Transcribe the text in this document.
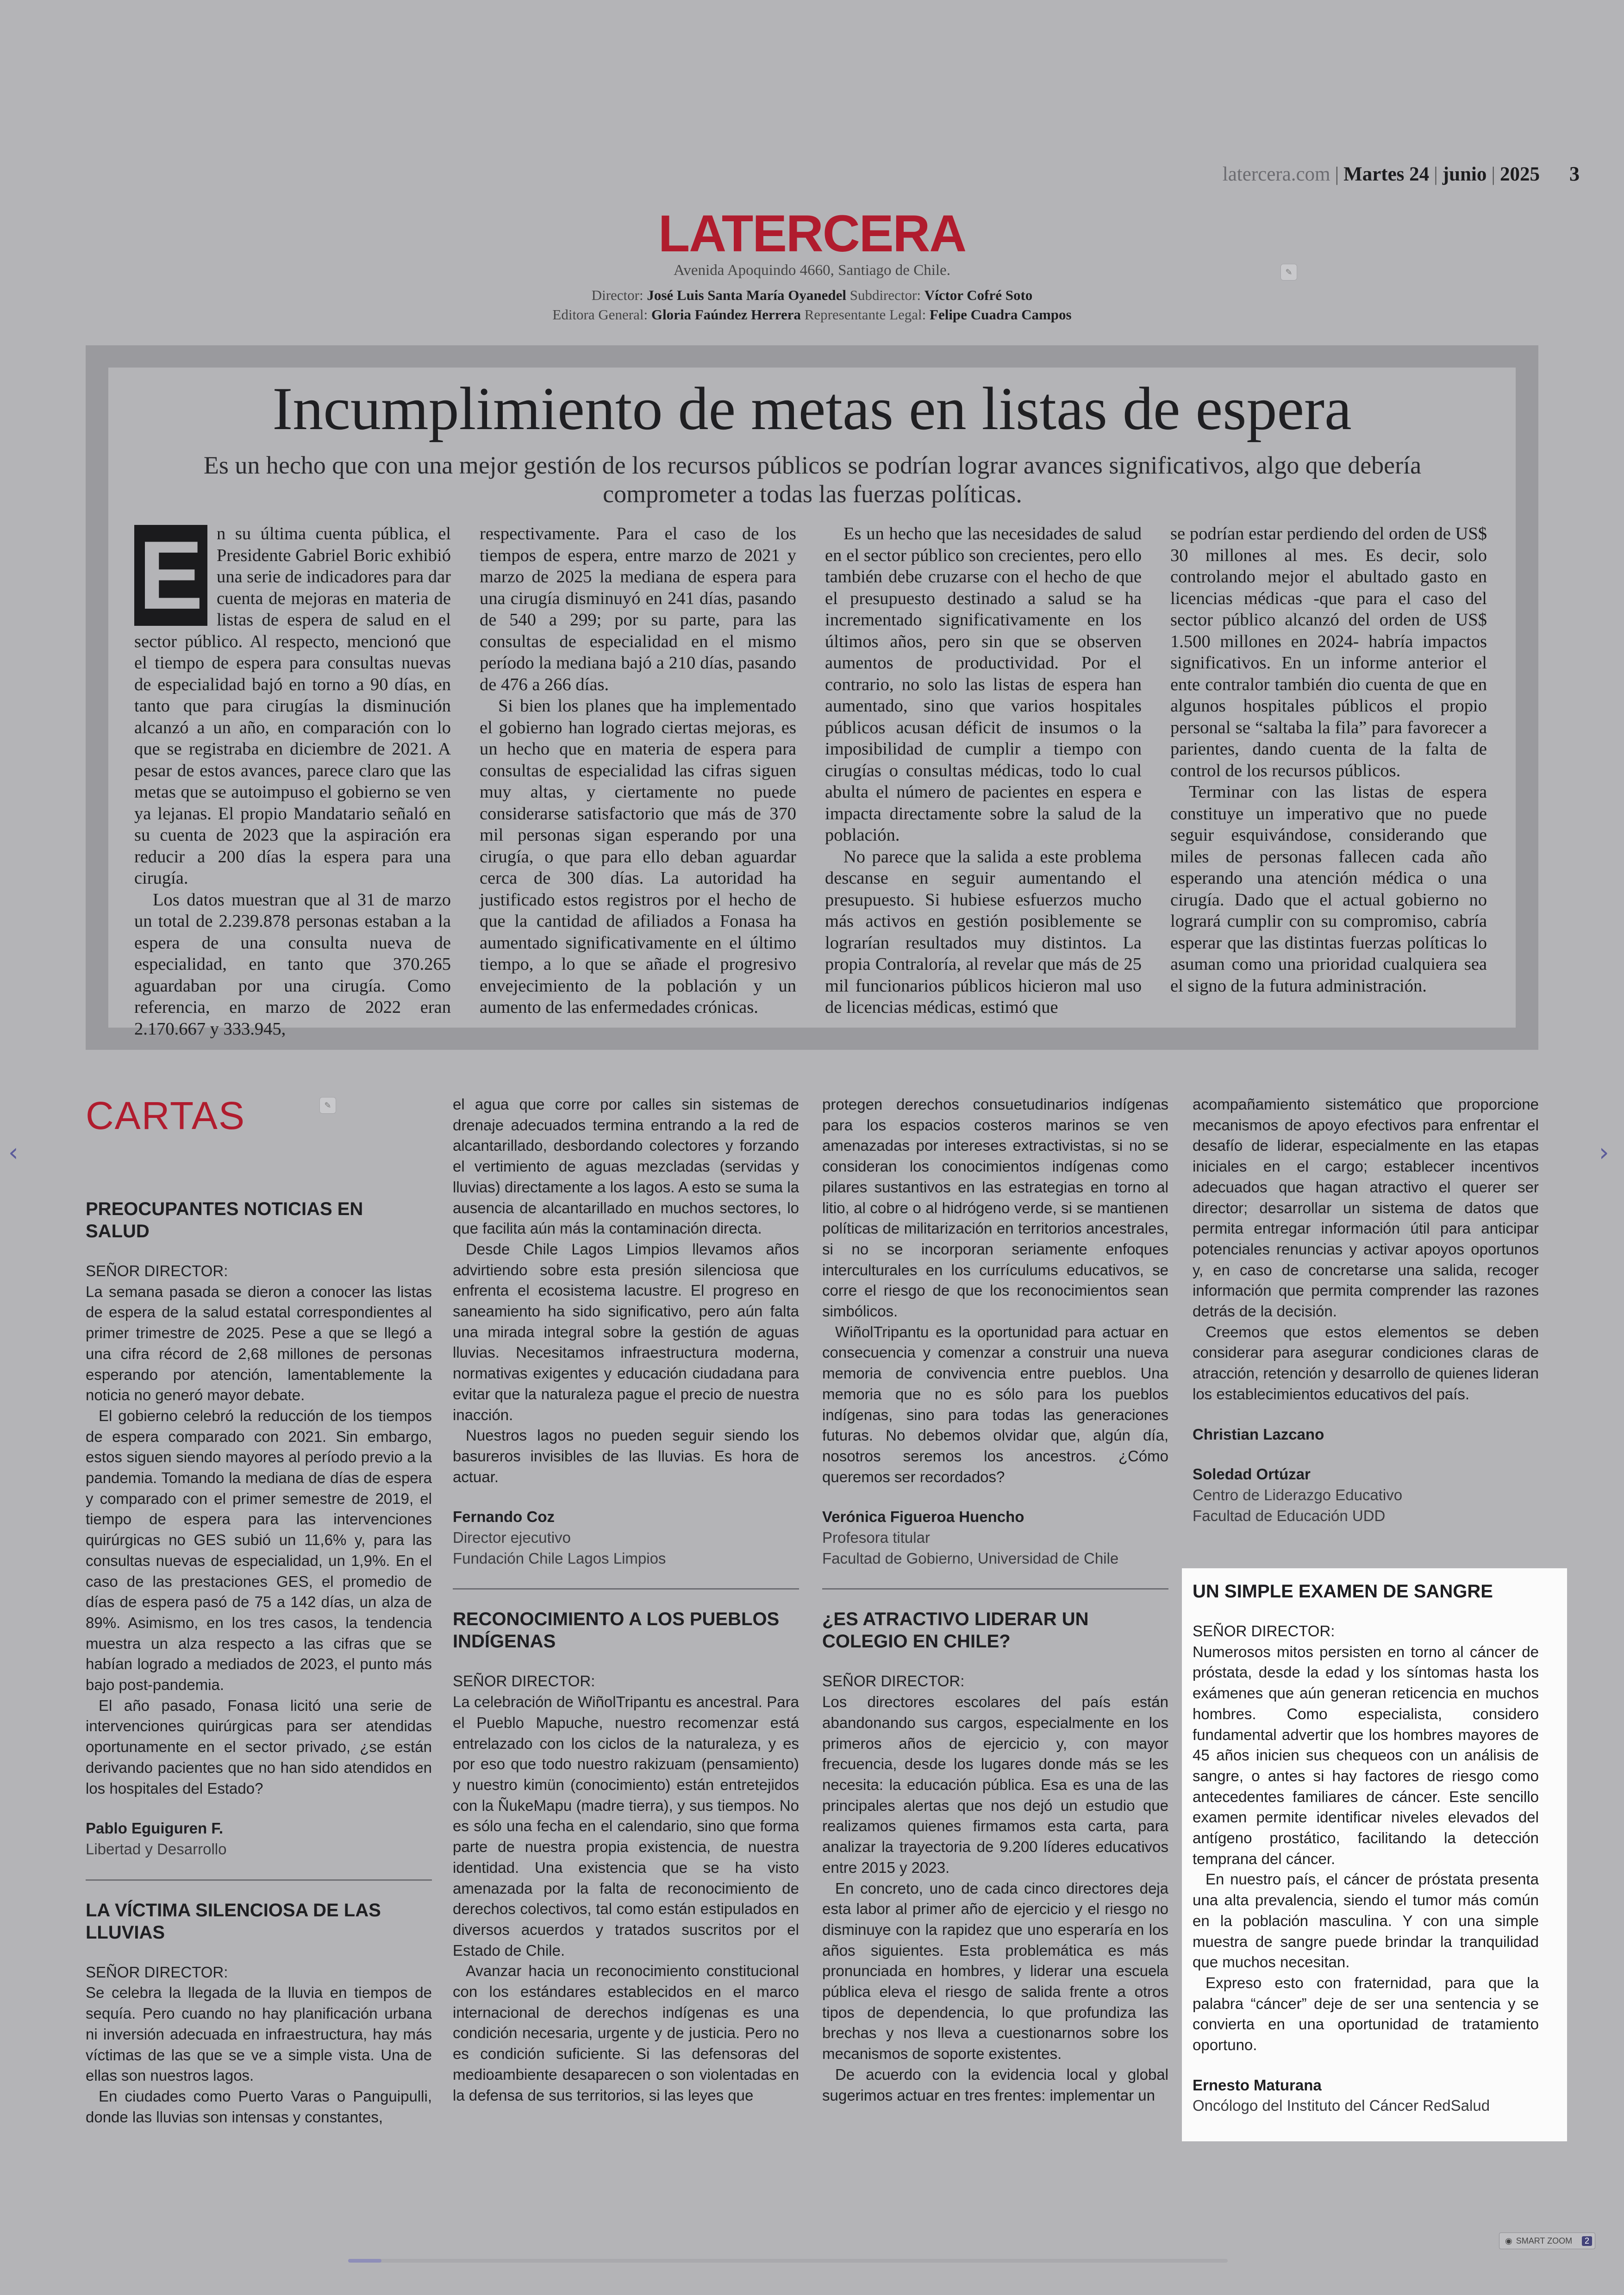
latercera.com | Martes 24 | junio | 2025 3
LATERCERA
Avenida Apoquindo 4660, Santiago de Chile.	✎
Director: José Luis Santa María Oyanedel Subdirector: Víctor Cofré Soto
Editora General: Gloria Faúndez Herrera Representante Legal: Felipe Cuadra Campos
Incumplimiento de metas en listas de espera
Es un hecho que con una mejor gestión de los recursos públicos se podrían lograr avances significativos, algo que debería comprometer a todas las fuerzas políticas.
E n su última cuenta pública, el Presidente Gabriel Boric exhibió una serie de indicadores para dar cuenta de mejoras en materia de listas de espera de salud en el sector público. Al respecto, mencionó que el tiempo de espera para consultas nuevas de especialidad bajó en torno a 90 días, en tanto que para cirugías la disminución alcanzó a un año, en comparación con lo que se registraba en diciembre de 2021. A pesar de estos avances, parece claro que las metas que se autoimpuso el gobierno se ven ya lejanas. El propio Mandatario señaló en su cuenta de 2023 que la aspiración era reducir a 200 días la espera para una cirugía.

Los datos muestran que al 31 de marzo un total de 2.239.878 personas estaban a la espera de una consulta nueva de especialidad, en tanto que 370.265 aguardaban por una cirugía. Como referencia, en marzo de 2022 eran 2.170.667 y 333.945,

respectivamente. Para el caso de los tiempos de espera, entre marzo de 2021 y marzo de 2025 la mediana de espera para una cirugía disminuyó en 241 días, pasando de 540 a 299; por su parte, para las consultas de especialidad en el mismo período la mediana bajó a 210 días, pasando de 476 a 266 días.

Si bien los planes que ha implementado el gobierno han logrado ciertas mejoras, es un hecho que en materia de espera para consultas de especialidad las cifras siguen muy altas, y ciertamente no puede considerarse satisfactorio que más de 370 mil personas sigan esperando por una cirugía, o que para ello deban aguardar cerca de 300 días. La autoridad ha justificado estos registros por el hecho de que la cantidad de afiliados a Fonasa ha aumentado significativamente en el último tiempo, a lo que se añade el progresivo envejecimiento de la población y un aumento de las enfermedades crónicas.

Es un hecho que las necesidades de salud en el sector público son crecientes, pero ello también debe cruzarse con el hecho de que el presupuesto destinado a salud se ha incrementado significativamente en los últimos años, pero sin que se observen aumentos de productividad. Por el contrario, no solo las listas de espera han aumentado, sino que varios hospitales públicos acusan déficit de insumos o la imposibilidad de cumplir a tiempo con cirugías o consultas médicas, todo lo cual abulta el número de pacientes en espera e impacta directamente sobre la salud de la población.

No parece que la salida a este problema descanse en seguir aumentando el presupuesto. Si hubiese esfuerzos mucho más activos en gestión posiblemente se lograrían resultados muy distintos. La propia Contraloría, al revelar que más de 25 mil funcionarios públicos hicieron mal uso de licencias médicas, estimó que

se podrían estar perdiendo del orden de US$ 30 millones al mes. Es decir, solo controlando mejor el abultado gasto en licencias médicas -que para el caso del sector público alcanzó del orden de US$ 1.500 millones en 2024- habría impactos significativos. En un informe anterior el ente contralor también dio cuenta de que en algunos hospitales públicos el propio personal se “saltaba la fila” para favorecer a parientes, dando cuenta de la falta de control de los recursos públicos.

Terminar con las listas de espera constituye un imperativo que no puede seguir esquivándose, considerando que miles de personas fallecen cada año esperando una atención médica o una cirugía. Dado que el actual gobierno no logrará cumplir con su compromiso, cabría esperar que las distintas fuerzas políticas lo asuman como una prioridad cualquiera sea el signo de la futura administración.

CARTAS	✎
PREOCUPANTES NOTICIAS EN SALUD

SEÑOR DIRECTOR:

La semana pasada se dieron a conocer las listas de espera de la salud estatal correspondientes al primer trimestre de 2025. Pese a que se llegó a una cifra récord de 2,68 millones de personas esperando por atención, lamentablemente la noticia no generó mayor debate.

El gobierno celebró la reducción de los tiempos de espera comparado con 2021. Sin embargo, estos siguen siendo mayores al período previo a la pandemia. Tomando la mediana de días de espera y comparado con el primer semestre de 2019, el tiempo de espera para las intervenciones quirúrgicas no GES subió un 11,6% y, para las consultas nuevas de especialidad, un 1,9%. En el caso de las prestaciones GES, el promedio de días de espera pasó de 75 a 142 días, un alza de 89%. Asimismo, en los tres casos, la tendencia muestra un alza respecto a las cifras que se habían logrado a mediados de 2023, el punto más bajo post-pandemia.

El año pasado, Fonasa licitó una serie de intervenciones quirúrgicas para ser atendidas oportunamente en el sector privado, ¿se están derivando pacientes que no han sido atendidos en los hospitales del Estado?

Pablo Eguiguren F.

Libertad y Desarrollo

LA VÍCTIMA SILENCIOSA DE LAS LLUVIAS

SEÑOR DIRECTOR:

Se celebra la llegada de la lluvia en tiempos de sequía. Pero cuando no hay planificación urbana ni inversión adecuada en infraestructura, hay más víctimas de las que se ve a simple vista. Una de ellas son nuestros lagos.

En ciudades como Puerto Varas o Panguipulli, donde las lluvias son intensas y constantes,

el agua que corre por calles sin sistemas de drenaje adecuados termina entrando a la red de alcantarillado, desbordando colectores y forzando el vertimiento de aguas mezcladas (servidas y lluvias) directamente a los lagos. A esto se suma la ausencia de alcantarillado en muchos sectores, lo que facilita aún más la contaminación directa.

Desde Chile Lagos Limpios llevamos años advirtiendo sobre esta presión silenciosa que enfrenta el ecosistema lacustre. El progreso en saneamiento ha sido significativo, pero aún falta una mirada integral sobre la gestión de aguas lluvias. Necesitamos infraestructura moderna, normativas exigentes y educación ciudadana para evitar que la naturaleza pague el precio de nuestra inacción.

Nuestros lagos no pueden seguir siendo los basureros invisibles de las lluvias. Es hora de actuar.

Fernando Coz

Director ejecutivo

Fundación Chile Lagos Limpios

RECONOCIMIENTO A LOS PUEBLOS INDÍGENAS

SEÑOR DIRECTOR:

La celebración de WiñolTripantu es ancestral. Para el Pueblo Mapuche, nuestro recomenzar está entrelazado con los ciclos de la naturaleza, y es por eso que todo nuestro rakizuam (pensamiento) y nuestro kimün (conocimiento) están entretejidos con la ÑukeMapu (madre tierra), y sus tiempos. No es sólo una fecha en el calendario, sino que forma parte de nuestra propia existencia, de nuestra identidad. Una existencia que se ha visto amenazada por la falta de reconocimiento de derechos colectivos, tal como están estipulados en diversos acuerdos y tratados suscritos por el Estado de Chile.

Avanzar hacia un reconocimiento constitucional con los estándares establecidos en el marco internacional de derechos indígenas es una condición necesaria, urgente y de justicia. Pero no es condición suficiente. Si las defensoras del medioambiente desaparecen o son violentadas en la defensa de sus territorios, si las leyes que

protegen derechos consuetudinarios indígenas para los espacios costeros marinos se ven amenazadas por intereses extractivistas, si no se consideran los conocimientos indígenas como pilares sustantivos en las estrategias en torno al litio, al cobre o al hidrógeno verde, si se mantienen políticas de militarización en territorios ancestrales, si no se incorporan seriamente enfoques interculturales en los currículums educativos, se corre el riesgo de que los reconocimientos sean simbólicos.

WiñolTripantu es la oportunidad para actuar en consecuencia y comenzar a construir una nueva memoria de convivencia entre pueblos. Una memoria que no es sólo para los pueblos indígenas, sino para todas las generaciones futuras. No debemos olvidar que, algún día, nosotros seremos los ancestros. ¿Cómo queremos ser recordados?

Verónica Figueroa Huencho

Profesora titular

Facultad de Gobierno, Universidad de Chile

¿ES ATRACTIVO LIDERAR UN COLEGIO EN CHILE?

SEÑOR DIRECTOR:

Los directores escolares del país están abandonando sus cargos, especialmente en los primeros años de ejercicio y, con mayor frecuencia, desde los lugares donde más se les necesita: la educación pública. Esa es una de las principales alertas que nos dejó un estudio que realizamos quienes firmamos esta carta, para analizar la trayectoria de 9.200 líderes educativos entre 2015 y 2023.

En concreto, uno de cada cinco directores deja esta labor al primer año de ejercicio y el riesgo no disminuye con la rapidez que uno esperaría en los años siguientes. Esta problemática es más pronunciada en hombres, y liderar una escuela pública eleva el riesgo de salida frente a otros tipos de dependencia, lo que profundiza las brechas y nos lleva a cuestionarnos sobre los mecanismos de soporte existentes.

De acuerdo con la evidencia local y global sugerimos actuar en tres frentes: implementar un

acompañamiento sistemático que proporcione mecanismos de apoyo efectivos para enfrentar el desafío de liderar, especialmente en las etapas iniciales en el cargo; establecer incentivos adecuados que hagan atractivo el querer ser director; desarrollar un sistema de datos que permita entregar información útil para anticipar potenciales renuncias y activar apoyos oportunos y, en caso de concretarse una salida, recoger información que permita comprender las razones detrás de la decisión.

Creemos que estos elementos se deben considerar para asegurar condiciones claras de atracción, retención y desarrollo de quienes lideran los establecimientos educativos del país.

Christian Lazcano

Soledad Ortúzar

Centro de Liderazgo Educativo

Facultad de Educación UDD

UN SIMPLE EXAMEN DE SANGRE

SEÑOR DIRECTOR:

Numerosos mitos persisten en torno al cáncer de próstata, desde la edad y los síntomas hasta los exámenes que aún generan reticencia en muchos hombres. Como especialista, considero fundamental advertir que los hombres mayores de 45 años inicien sus chequeos con un análisis de sangre, o antes si hay factores de riesgo como antecedentes familiares de cáncer. Este sencillo examen permite identificar niveles elevados del antígeno prostático, facilitando la detección temprana del cáncer.

En nuestro país, el cáncer de próstata presenta una alta prevalencia, siendo el tumor más común en la población masculina. Y con una simple muestra de sangre puede brindar la tranquilidad que muchos necesitan.

Expreso esto con fraternidad, para que la palabra “cáncer” deje de ser una sentencia y se convierta en una oportunidad de tratamiento oportuno.

Ernesto Maturana

Oncólogo del Instituto del Cáncer RedSalud

‹	›
◉ SMART ZOOM	2
